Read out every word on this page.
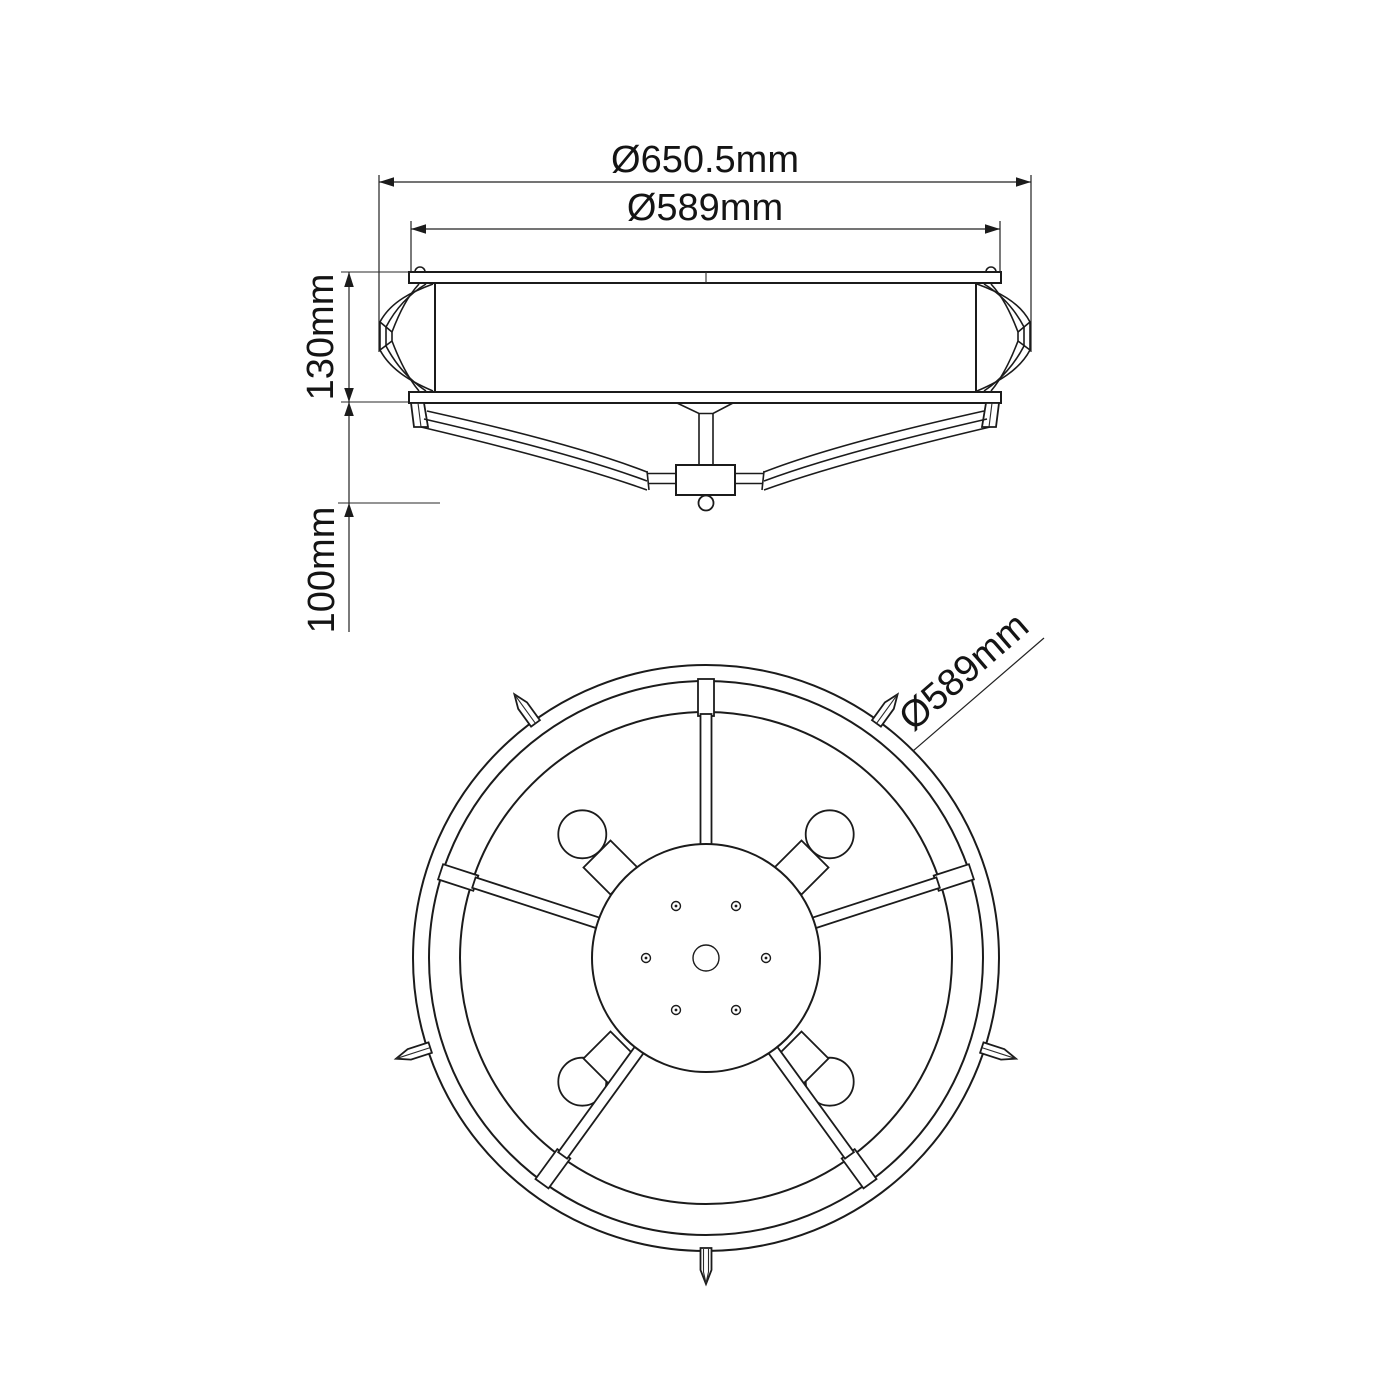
Ø650.5mm
Ø589mm
130mm
100mm
Ø589mm
